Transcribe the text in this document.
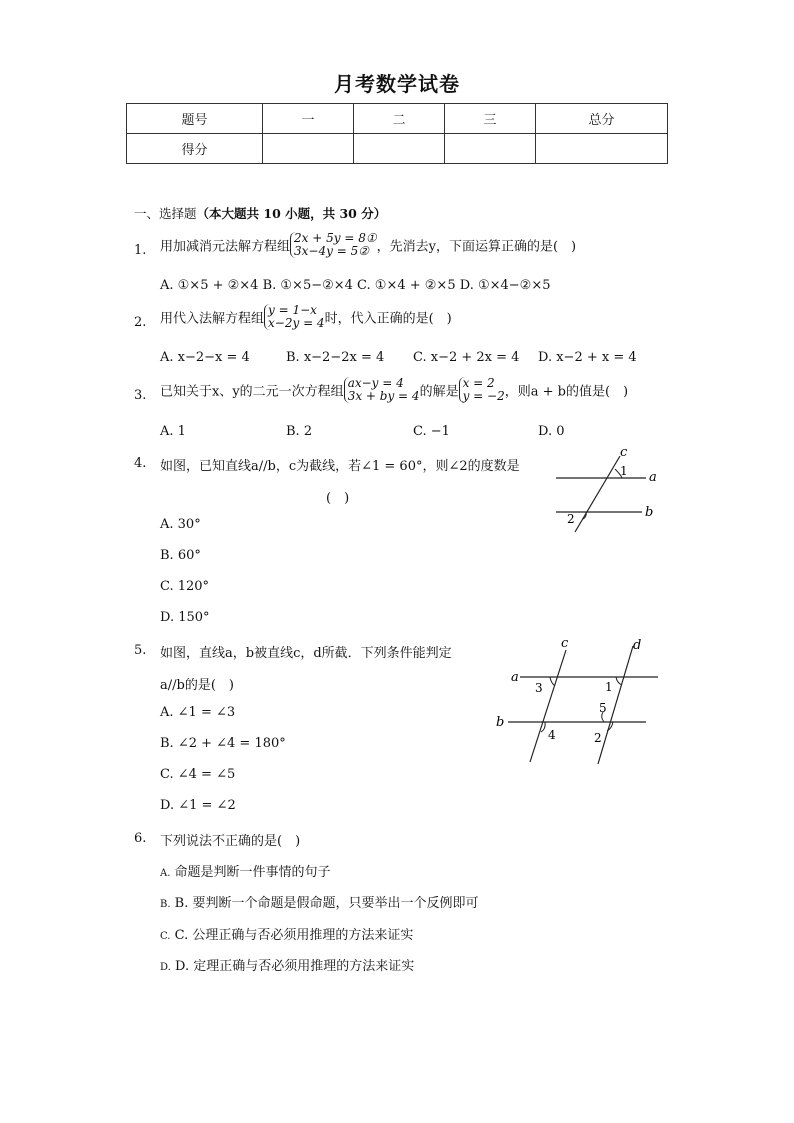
月考数学试卷
题号	一	二	三	总分
得分				
一、选择题（本大题共 10 小题，共 30 分）
1. 用加减消元法解方程组2x + 5y = 8①
3x−4y = 5② ，先消去y，下面运算正确的是(　)
A. ①×5 + ②×4 B. ①×5−②×4 C. ①×4 + ②×5 D. ①×4−②×5
2. 用代入法解方程组y = 1−x
x−2y = 4时，代入正确的是(　)
A. x−2−x = 4	B. x−2−2x = 4 C. x−2 + 2x = 4 D. x−2 + x = 4
3. 已知关于x、y的二元一次方程组ax−y = 4
3x + by = 4的解是x = 2
y = −2，则a + b的值是(　)
A. 1	B. 2	C. −1	D. 0
4. 如图，已知直线a//b，c为截线，若∠1 = 60°，则∠2的度数是
(　)
A. 30°
B. 60°
C. 120°
D. 150°
c
1 a
b
2
5. 如图，直线a，b被直线c，d所截．下列条件能判定
a//b的是(　)
A. ∠1 = ∠3
B. ∠2 + ∠4 = 180°
C. ∠4 = ∠5
D. ∠1 = ∠2
c	d
a
3	1
5
b
4	2
6. 下列说法不正确的是(　)
A. 命题是判断一件事情的句子
B. B. 要判断一个命题是假命题，只要举出一个反例即可
C. C. 公理正确与否必须用推理的方法来证实
D. D. 定理正确与否必须用推理的方法来证实
